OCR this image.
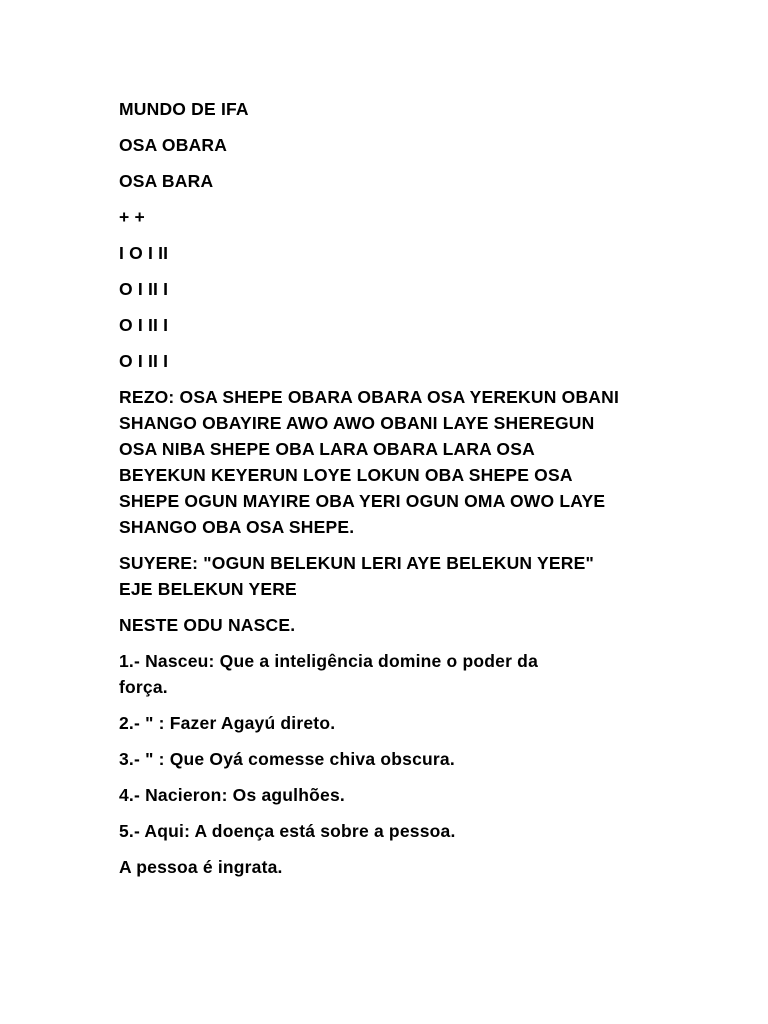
MUNDO DE IFA

OSA OBARA

OSA BARA

+ +

I O I II

O I II I

O I II I

O I II I

REZO: OSA SHEPE OBARA OBARA OSA YEREKUN OBANI
SHANGO OBAYIRE AWO AWO OBANI LAYE SHEREGUN
OSA NIBA SHEPE OBA LARA OBARA LARA OSA
BEYEKUN KEYERUN LOYE LOKUN OBA SHEPE OSA
SHEPE OGUN MAYIRE OBA YERI OGUN OMA OWO LAYE
SHANGO OBA OSA SHEPE.

SUYERE: "OGUN BELEKUN LERI AYE BELEKUN YERE"
EJE BELEKUN YERE

NESTE ODU NASCE.

1.- Nasceu: Que a inteligência domine o poder da
força.

2.- " : Fazer Agayú direto.

3.- " : Que Oyá comesse chiva obscura.

4.- Nacieron: Os agulhões.

5.- Aqui: A doença está sobre a pessoa.

A pessoa é ingrata.
